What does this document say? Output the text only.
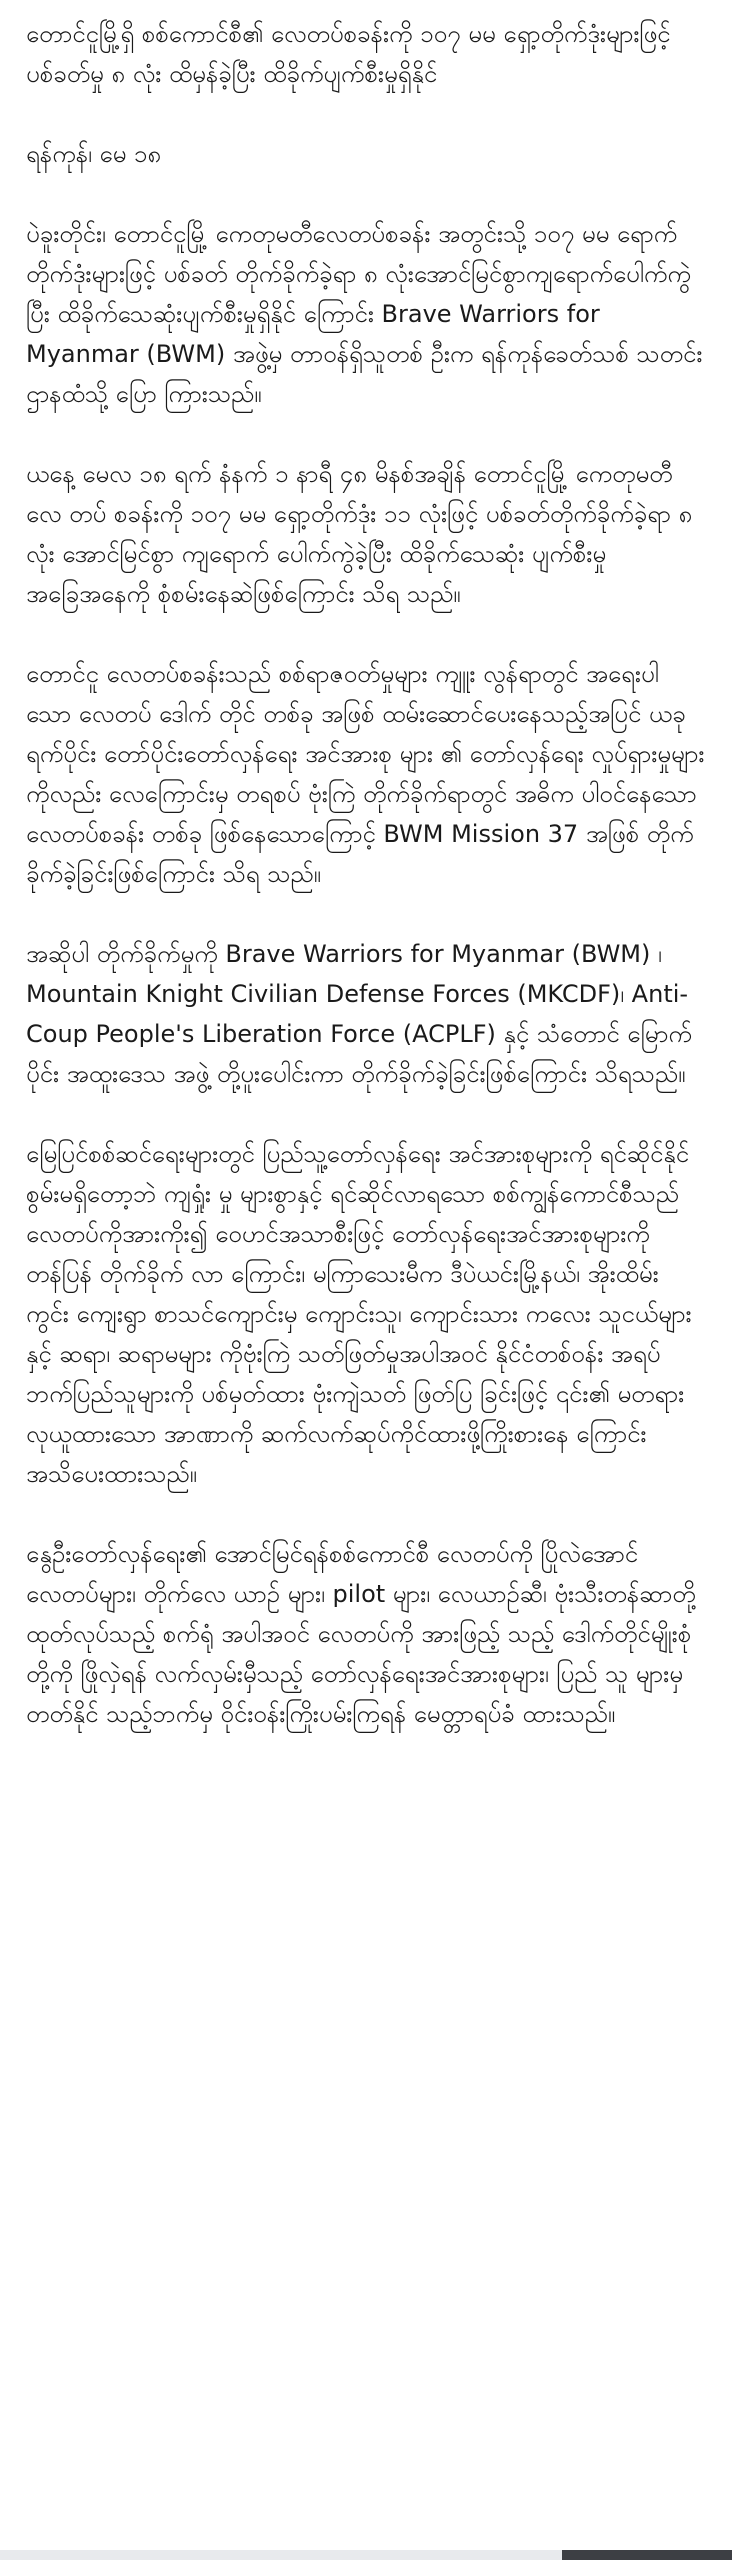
တောင်ငူမြို့ရှိ စစ်ကောင်စီ၏ လေတပ်စခန်းကို ၁၀၇ မမ ရှော့တိုက်ဒုံးများဖြင့် ပစ်ခတ်မှု ၈ လုံး ထိမှန်ခဲ့ပြီး ထိခိုက်ပျက်စီးမှုရှိနိုင်

ရန်ကုန်၊ မေ ၁၈

ပဲခူးတိုင်း၊ တောင်ငူမြို့ ကေတုမတီလေတပ်စခန်း အတွင်းသို့ ၁၀၇ မမ ရောက်တိုက်ဒုံးများဖြင့် ပစ်ခတ် တိုက်ခိုက်ခဲ့ရာ ၈ လုံးအောင်မြင်စွာကျရောက်ပေါက်ကွဲ ပြီး ထိခိုက်သေဆုံးပျက်စီးမှုရှိနိုင် ကြောင်း Brave Warriors for Myanmar (BWM) အဖွဲ့မှ တာဝန်ရှိသူတစ် ဦးက ရန်ကုန်ခေတ်သစ် သတင်းဌာနထံသို့ ပြော ကြားသည်။

ယနေ့ မေလ ၁၈ ရက် နံနက် ၁ နာရီ ၄၈ မိနစ်အချိန် တောင်ငူမြို့ ကေတုမတီလေ တပ် စခန်းကို ၁၀၇ မမ ရှော့တိုက်ဒုံး ၁၁ လုံးဖြင့် ပစ်ခတ်တိုက်ခိုက်ခဲ့ရာ ၈ လုံး အောင်မြင်စွာ ကျရောက် ပေါက်ကွဲခဲ့ပြီး ထိခိုက်သေဆုံး ပျက်စီးမှုအခြေအနေကို စုံစမ်းနေဆဲဖြစ်ကြောင်း သိရ သည်။

တောင်ငူ လေတပ်စခန်းသည် စစ်ရာဇဝတ်မှုများ ကျူး လွန်ရာတွင် အရေးပါ သော လေတပ် ဒေါက် တိုင် တစ်ခု အဖြစ် ထမ်းဆောင်ပေးနေသည့်အပြင် ယခုရက်ပိုင်း တော်ပိုင်းတော်လှန်ရေး အင်အားစု များ ၏ တော်လှန်ရေး လှုပ်ရှားမှုများကိုလည်း လေကြောင်းမှ တရစပ် ဗုံးကြဲ တိုက်ခိုက်ရာတွင် အဓိက ပါဝင်နေသော လေတပ်စခန်း တစ်ခု ဖြစ်နေသောကြောင့် BWM Mission 37 အဖြစ် တိုက် ခိုက်ခဲ့ခြင်းဖြစ်ကြောင်း သိရ သည်။

အဆိုပါ တိုက်ခိုက်မှုကို Brave Warriors for Myanmar (BWM) ၊ Mountain Knight Civilian Defense Forces (MKCDF)၊ Anti-Coup People's Liberation Force (ACPLF) နှင့် သံတောင် မြောက် ပိုင်း အထူးဒေသ အဖွဲ့ တို့ပူးပေါင်းကာ တိုက်ခိုက်ခဲ့ခြင်းဖြစ်ကြောင်း သိရသည်။

မြေပြင်စစ်ဆင်ရေးများတွင် ပြည်သူ့တော်လှန်ရေး အင်အားစုများကို ရင်ဆိုင်နိုင်စွမ်းမရှိတော့ဘဲ ကျရှုံး မှု များစွာနှင့် ရင်ဆိုင်လာရသော စစ်ကျွန်ကောင်စီသည် လေတပ်ကိုအားကိုး၍ ဝေဟင်အသာစီးဖြင့် တော်လှန်ရေးအင်အားစုများကို တန်ပြန် တိုက်ခိုက် လာ ကြောင်း၊ မကြာသေးမီက ဒီပဲယင်းမြို့နယ်၊ အိုးထိမ်း ကွင်း ကျေးရွာ စာသင်ကျောင်းမှ ကျောင်းသူ၊ ကျောင်းသား ကလေး သူငယ်များနှင့် ဆရာ၊ ဆရာမများ ကိုဗုံးကြဲ သတ်ဖြတ်မှုအပါအဝင် နိုင်ငံတစ်ဝန်း အရပ် ဘက်ပြည်သူများကို ပစ်မှတ်ထား ဗုံးကျဲသတ် ဖြတ်ပြ ခြင်းဖြင့် ၎င်း၏ မတရားလုယူထားသော အာဏာကို ဆက်လက်ဆုပ်ကိုင်ထားဖို့ကြိုးစားနေ ကြောင်း အသိပေးထားသည်။

နွေဦးတော်လှန်ရေး၏ အောင်မြင်ရန်စစ်ကောင်စီ လေတပ်ကို ပြိုလဲအောင် လေတပ်များ၊ တိုက်လေ ယာဉ် များ၊ pilot များ၊ လေယာဉ်ဆီ၊ ဗုံးသီးတန်ဆာတို့ ထုတ်လုပ်သည့် စက်ရုံ အပါအဝင် လေတပ်ကို အားဖြည့် သည့် ဒေါက်တိုင်မျိုးစုံတို့ကို ဖြိုလှဲရန် လက်လှမ်းမှီသည့် တော်လှန်ရေးအင်အားစုများ၊ ပြည် သူ များမှ တတ်နိုင် သည့်ဘက်မှ ဝိုင်းဝန်းကြိုးပမ်းကြရန် မေတ္တာရပ်ခံ ထားသည်။
